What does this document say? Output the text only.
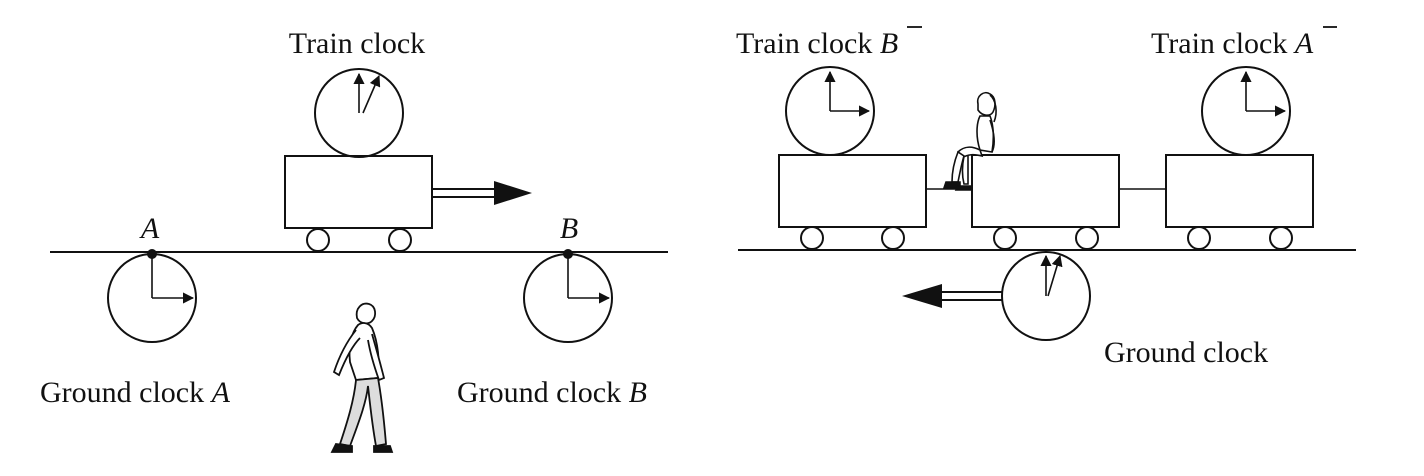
Train clock
A	B
Ground clock A	Ground clock B
Train clock B	Train clock A
Ground clock
